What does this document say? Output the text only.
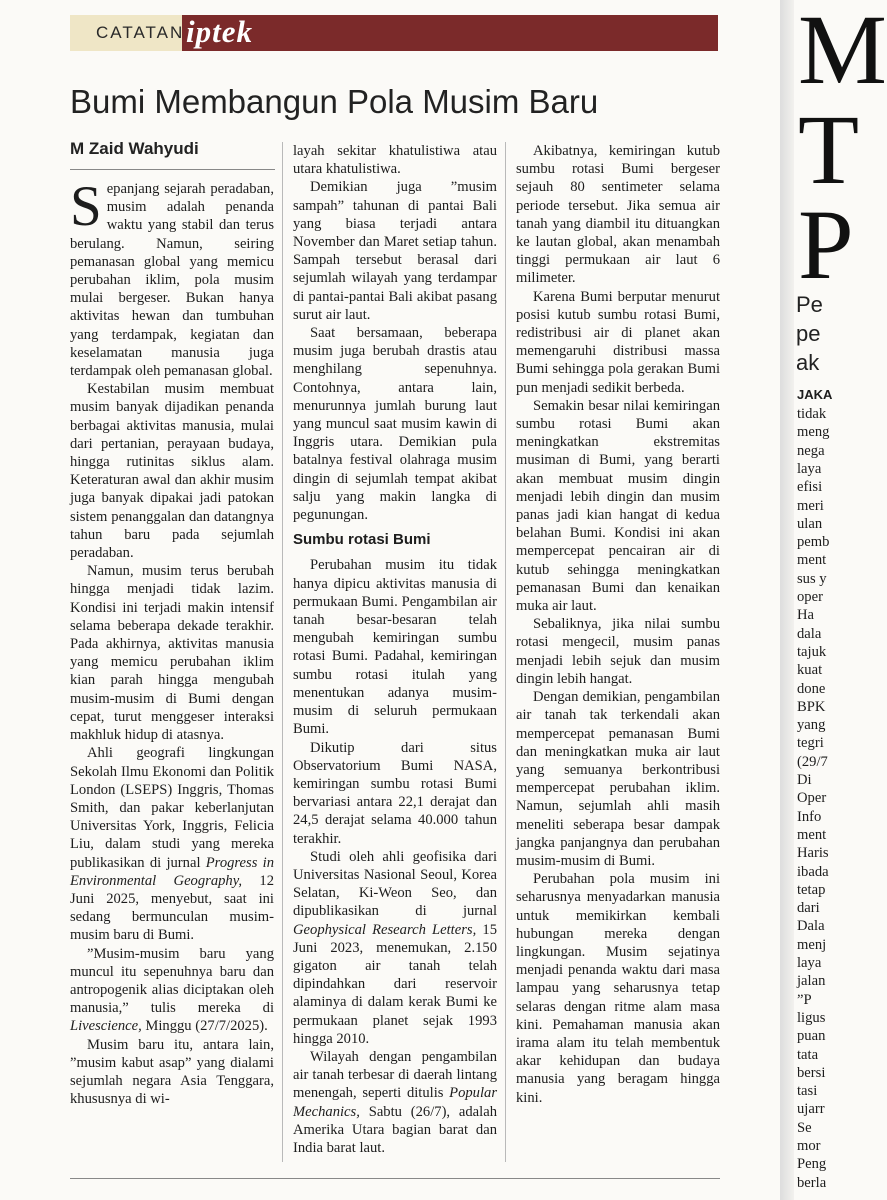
CATATAN iptek
Bumi Membangun Pola Musim Baru
M Zaid Wahyudi

Sepanjang sejarah peradaban, musim adalah penanda waktu yang stabil dan terus berulang. Namun, seiring pemanasan global yang memicu perubahan iklim, pola musim mulai bergeser. Bukan hanya aktivitas hewan dan tumbuhan yang terdampak, kegiatan dan keselamatan manusia juga terdampak oleh pemanasan global.

Kestabilan musim membuat musim banyak dijadikan penanda berbagai aktivitas manusia, mulai dari pertanian, perayaan budaya, hingga rutinitas siklus alam. Keteraturan awal dan akhir musim juga banyak dipakai jadi patokan sistem penanggalan dan datangnya tahun baru pada sejumlah peradaban.

Namun, musim terus berubah hingga menjadi tidak lazim. Kondisi ini terjadi makin intensif selama beberapa dekade terakhir. Pada akhirnya, aktivitas manusia yang memicu perubahan iklim kian parah hingga mengubah musim-musim di Bumi dengan cepat, turut menggeser interaksi makhluk hidup di atasnya.

Ahli geografi lingkungan Sekolah Ilmu Ekonomi dan Politik London (LSEPS) Inggris, Thomas Smith, dan pakar keberlanjutan Universitas York, Inggris, Felicia Liu, dalam studi yang mereka publikasikan di jurnal Progress in Environmental Geography, 12 Juni 2025, menyebut, saat ini sedang bermunculan musim-musim baru di Bumi.

”Musim-musim baru yang muncul itu sepenuhnya baru dan antropogenik alias diciptakan oleh manusia,” tulis mereka di Livescience, Minggu (27/7/2025).

Musim baru itu, antara lain, ”musim kabut asap” yang dialami sejumlah negara Asia Tenggara, khususnya di wi-

layah sekitar khatulistiwa atau utara khatulistiwa.

Demikian juga ”musim sampah” tahunan di pantai Bali yang biasa terjadi antara November dan Maret setiap tahun. Sampah tersebut berasal dari sejumlah wilayah yang terdampar di pantai-pantai Bali akibat pasang surut air laut.

Saat bersamaan, beberapa musim juga berubah drastis atau menghilang sepenuhnya. Contohnya, antara lain, menurunnya jumlah burung laut yang muncul saat musim kawin di Inggris utara. Demikian pula batalnya festival olahraga musim dingin di sejumlah tempat akibat salju yang makin langka di pegunungan.

Sumbu rotasi Bumi

Perubahan musim itu tidak hanya dipicu aktivitas manusia di permukaan Bumi. Pengambilan air tanah besar-besaran telah mengubah kemiringan sumbu rotasi Bumi. Padahal, kemiringan sumbu rotasi itulah yang menentukan adanya musim-musim di seluruh permukaan Bumi.

Dikutip dari situs Observatorium Bumi NASA, kemiringan sumbu rotasi Bumi bervariasi antara 22,1 derajat dan 24,5 derajat selama 40.000 tahun terakhir.

Studi oleh ahli geofisika dari Universitas Nasional Seoul, Korea Selatan, Ki-Weon Seo, dan dipublikasikan di jurnal Geophysical Research Letters, 15 Juni 2023, menemukan, 2.150 gigaton air tanah telah dipindahkan dari reservoir alaminya di dalam kerak Bumi ke permukaan planet sejak 1993 hingga 2010.

Wilayah dengan pengambilan air tanah terbesar di daerah lintang menengah, seperti ditulis Popular Mechanics, Sabtu (26/7), adalah Amerika Utara bagian barat dan India barat laut.

Akibatnya, kemiringan kutub sumbu rotasi Bumi bergeser sejauh 80 sentimeter selama periode tersebut. Jika semua air tanah yang diambil itu dituangkan ke lautan global, akan menambah tinggi permukaan air laut 6 milimeter.

Karena Bumi berputar menurut posisi kutub sumbu rotasi Bumi, redistribusi air di planet akan memengaruhi distribusi massa Bumi sehingga pola gerakan Bumi pun menjadi sedikit berbeda.

Semakin besar nilai kemiringan sumbu rotasi Bumi akan meningkatkan ekstremitas musiman di Bumi, yang berarti akan membuat musim dingin menjadi lebih dingin dan musim panas jadi kian hangat di kedua belahan Bumi. Kondisi ini akan mempercepat pencairan air di kutub sehingga meningkatkan pemanasan Bumi dan kenaikan muka air laut.

Sebaliknya, jika nilai sumbu rotasi mengecil, musim panas menjadi lebih sejuk dan musim dingin lebih hangat.

Dengan demikian, pengambilan air tanah tak terkendali akan mempercepat pemanasan Bumi dan meningkatkan muka air laut yang semuanya berkontribusi mempercepat perubahan iklim. Namun, sejumlah ahli masih meneliti seberapa besar dampak jangka panjangnya dan perubahan musim-musim di Bumi.

Perubahan pola musim ini seharusnya menyadarkan manusia untuk memikirkan kembali hubungan mereka dengan lingkungan. Musim sejatinya menjadi penanda waktu dari masa lampau yang seharusnya tetap selaras dengan ritme alam masa kini. Pemahaman manusia akan irama alam itu telah membentuk akar kehidupan dan budaya manusia yang beragam hingga kini.

M
T
P
Pe
pe
ak
JAKA
tidak
meng
nega
laya
efisi
meri
ulan
pemb
ment
sus y
oper
Ha
dala
tajuk
kuat
done
BPK
yang
tegri
(29/7
Di
Oper
Info
ment
Haris
ibada
tetap
dari
Dala
menj
laya
jalan
”P
ligus
puan
tata
bersi
tasi
ujarr
Se
mor
Peng
berla
